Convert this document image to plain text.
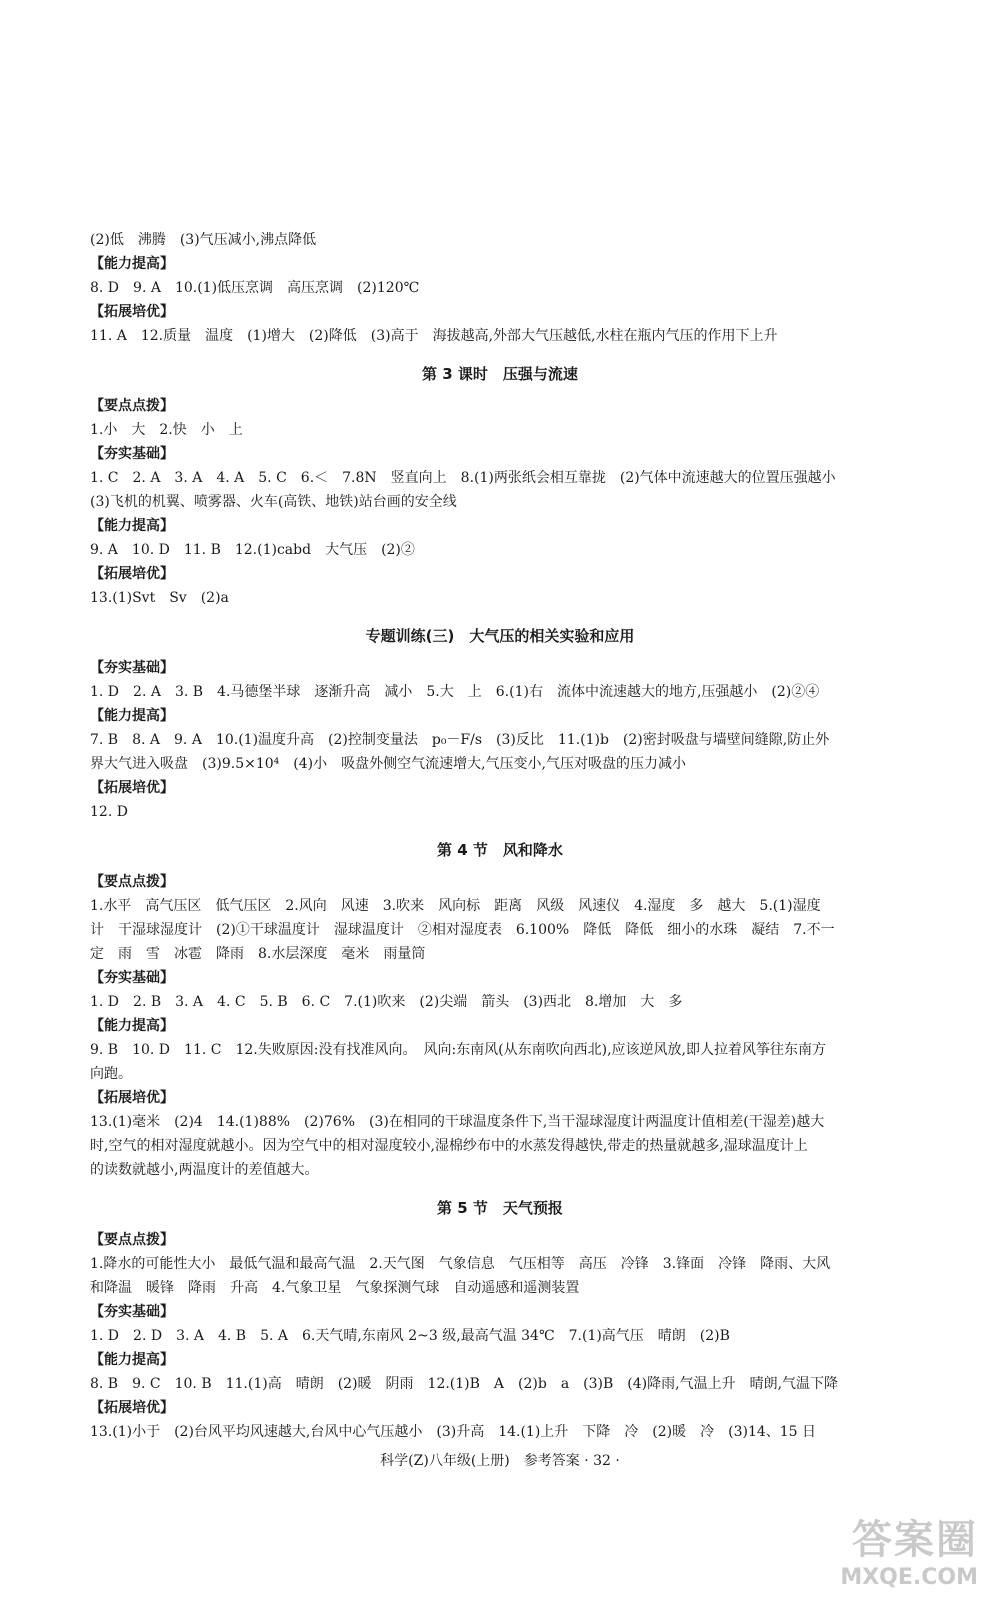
(2)低　沸腾　(3)气压减小,沸点降低
【能力提高】
8. D　9. A　10.(1)低压烹调　高压烹调　(2)120℃
【拓展培优】
11. A　12.质量　温度　(1)增大　(2)降低　(3)高于　海拔越高,外部大气压越低,水柱在瓶内气压的作用下上升
第 3 课时　压强与流速
【要点点拨】
1.小　大　2.快　小　上
【夯实基础】
1. C　2. A　3. A　4. A　5. C　6.＜　7.8N　竖直向上　8.(1)两张纸会相互靠拢　(2)气体中流速越大的位置压强越小
(3)飞机的机翼、喷雾器、火车(高铁、地铁)站台画的安全线
【能力提高】
9. A　10. D　11. B　12.(1)cabd　大气压　(2)②
【拓展培优】
13.(1)Svt　Sv　(2)a
专题训练(三)　大气压的相关实验和应用
【夯实基础】
1. D　2. A　3. B　4.马德堡半球　逐渐升高　减小　5.大　上　6.(1)右　流体中流速越大的地方,压强越小　(2)②④
【能力提高】
7. B　8. A　9. A　10.(1)温度升高　(2)控制变量法　p₀－F/s　(3)反比　11.(1)b　(2)密封吸盘与墙壁间缝隙,防止外
界大气进入吸盘　(3)9.5×10⁴　(4)小　吸盘外侧空气流速增大,气压变小,气压对吸盘的压力减小
【拓展培优】
12. D
第 4 节　风和降水
【要点点拨】
1.水平　高气压区　低气压区　2.风向　风速　3.吹来　风向标　距离　风级　风速仪　4.湿度　多　越大　5.(1)湿度
计　干湿球湿度计　(2)①干球温度计　湿球温度计　②相对湿度表　6.100%　降低　降低　细小的水珠　凝结　7.不一
定　雨　雪　冰雹　降雨　8.水层深度　毫米　雨量筒
【夯实基础】
1. D　2. B　3. A　4. C　5. B　6. C　7.(1)吹来　(2)尖端　箭头　(3)西北　8.增加　大　多
【能力提高】
9. B　10. D　11. C　12.失败原因:没有找准风向。　风向:东南风(从东南吹向西北),应该逆风放,即人拉着风筝往东南方
向跑。
【拓展培优】
13.(1)毫米　(2)4　14.(1)88%　(2)76%　(3)在相同的干球温度条件下,当干湿球湿度计两温度计值相差(干湿差)越大
时,空气的相对湿度就越小。因为空气中的相对湿度较小,湿棉纱布中的水蒸发得越快,带走的热量就越多,湿球温度计上
的读数就越小,两温度计的差值越大。
第 5 节　天气预报
【要点点拨】
1.降水的可能性大小　最低气温和最高气温　2.天气图　气象信息　气压相等　高压　冷锋　3.锋面　冷锋　降雨、大风
和降温　暖锋　降雨　升高　4.气象卫星　气象探测气球　自动遥感和遥测装置
【夯实基础】
1. D　2. D　3. A　4. B　5. A　6.天气晴,东南风 2~3 级,最高气温 34℃　7.(1)高气压　晴朗　(2)B
【能力提高】
8. B　9. C　10. B　11.(1)高　晴朗　(2)暖　阴雨　12.(1)B　A　(2)b　a　(3)B　(4)降雨,气温上升　晴朗,气温下降
【拓展培优】
13.(1)小于　(2)台风平均风速越大,台风中心气压越小　(3)升高　14.(1)上升　下降　冷　(2)暖　冷　(3)14、15 日
科学(Z)八年级(上册)　参考答案 · 32 ·
答案圈
MXQE.COM
